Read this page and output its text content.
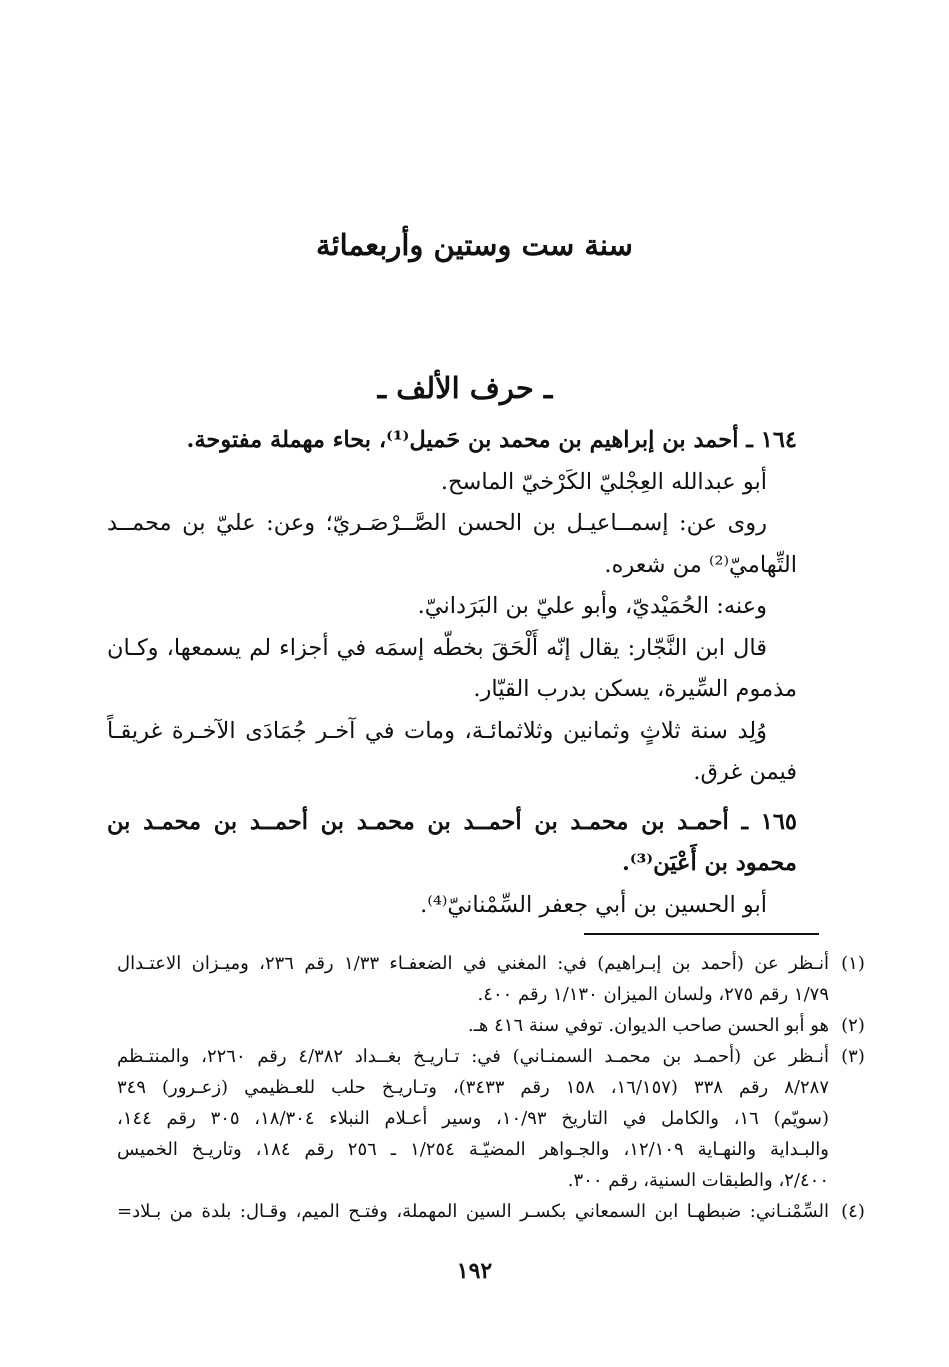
سنة ست وستين وأربعمائة
ـ حرف الألف ـ
١٦٤ ـ أحمد بن إبراهيم بن محمد بن حَميل⁽¹⁾، بحاء مهملة مفتوحة.
أبو عبدالله العِجْليّ الكَرْخيّ الماسح.
روى عن: إسمــاعيـل بن الحسن الصَّــرْصَـريّ؛ وعن: عليّ بن محمــد
التِّهاميّ⁽²⁾ من شعره.
وعنه: الحُمَيْديّ، وأبو عليّ بن البَرَدانيّ.
قال ابن النَّجّار: يقال إنّه أَلْحَقَ بخطّه إسمَه في أجزاء لم يسمعها، وكـان
مذموم السِّيرة، يسكن بدرب القيّار.
وُلِد سنة ثلاثٍ وثمانين وثلاثمائـة، ومات في آخـر جُمَادَى الآخـرة غريقـاً
فيمن غرق.
١٦٥ ـ أحمـد بن محمـد بن أحمــد بن محمـد بن أحمــد بن محمـد بن
محمود بن أَعْيَن⁽³⁾.
أبو الحسين بن أبي جعفر السِّمْنانيّ⁽⁴⁾.
(١)
أنـظر عن (أحمد بن إبـراهيم) في: المغني في الضعفـاء ١/٣٣ رقم ٢٣٦، وميـزان الاعتـدال
١/٧٩ رقم ٢٧٥، ولسان الميزان ١/١٣٠ رقم ٤٠٠.
(٢)
هو أبو الحسن صاحب الديوان. توفي سنة ٤١٦ هـ.
(٣)
أنـظر عن (أحمـد بن محمـد السمنـاني) في: تـاريـخ بغــداد ٤/٣٨٢ رقم ٢٢٦٠، والمنتـظم
٨/٢٨٧ رقم ٣٣٨ (١٦/١٥٧، ١٥٨ رقم ٣٤٣٣)، وتـاريـخ حلب للعـظيمي (زعـرور) ٣٤٩
(سويّم) ١٦، والكامل في التاريخ ١٠/٩٣، وسير أعـلام النبلاء ١٨/٣٠٤، ٣٠٥ رقم ١٤٤،
والبـداية والنهـاية ١٢/١٠٩، والجـواهر المضيّـة ١/٢٥٤ ـ ٢٥٦ رقم ١٨٤، وتاريـخ الخميس
٢/٤٠٠، والطبقات السنية، رقم ٣٠٠.
(٤)
السِّمْنـاني: ضبطهـا ابن السمعاني بكسـر السين المهملة، وفتـح الميم، وقـال: بلدة من بـلاد=
١٩٢
